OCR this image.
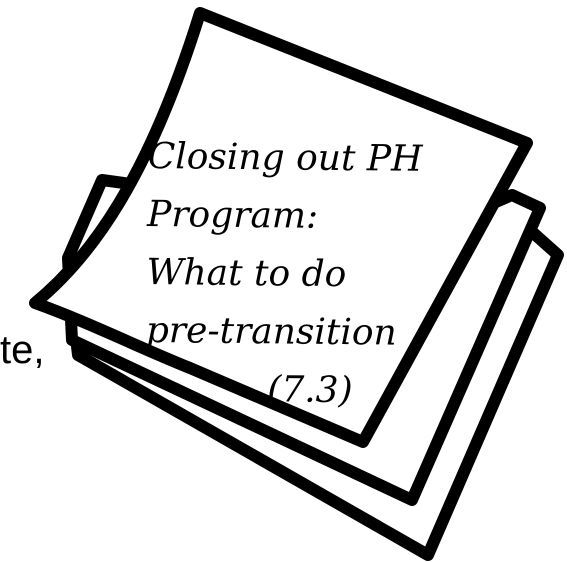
te,
Closing out PH
Program:
What to do
pre-transition
(7.3)
